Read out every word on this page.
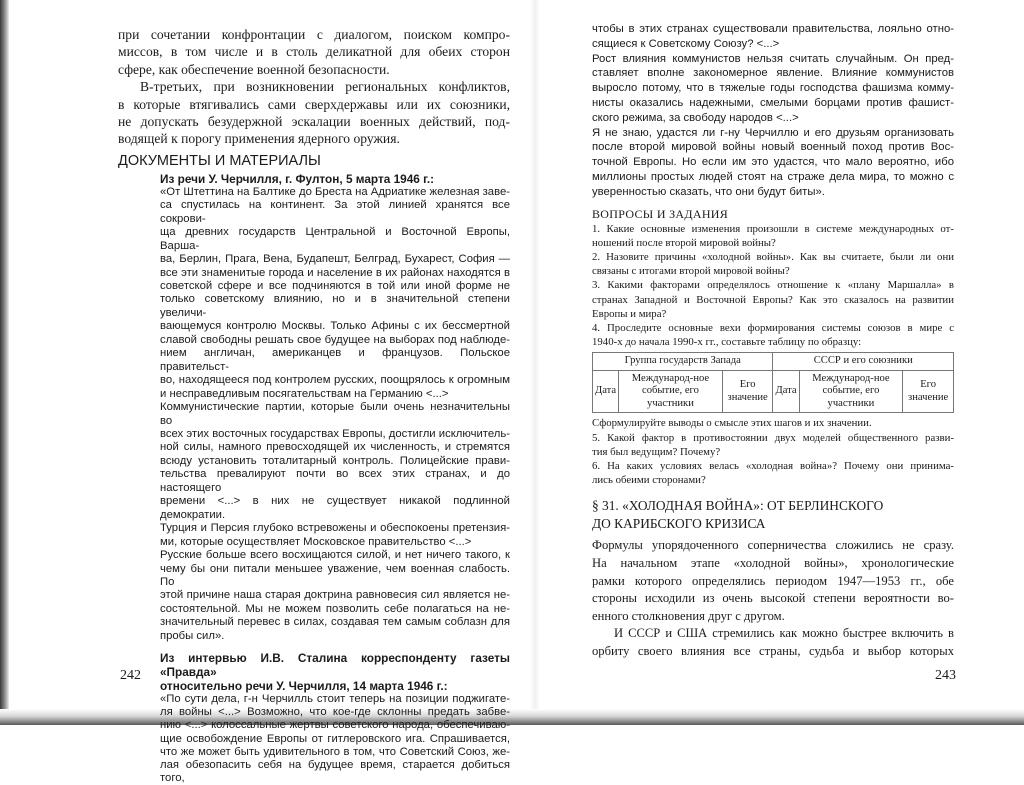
при сочетании конфронтации с диалогом, поиском компро-
миссов, в том числе и в столь деликатной для обеих сторон
сфере, как обеспечение военной безопасности.
В-третьих, при возникновении региональных конфликтов,
в которые втягивались сами сверхдержавы или их союзники,
не допускать безудержной эскалации военных действий, под-
водящей к порогу применения ядерного оружия.
ДОКУМЕНТЫ И МАТЕРИАЛЫ
Из речи У. Черчилля, г. Фултон, 5 марта 1946 г.:
«От Штеттина на Балтике до Бреста на Адриатике железная заве-
са спустилась на континент. За этой линией хранятся все сокрови-
ща древних государств Центральной и Восточной Европы, Варша-
ва, Берлин, Прага, Вена, Будапешт, Белград, Бухарест, София —
все эти знаменитые города и население в их районах находятся в
советской сфере и все подчиняются в той или иной форме не
только советскому влиянию, но и в значительной степени увеличи-
вающемуся контролю Москвы. Только Афины с их бессмертной
славой свободны решать свое будущее на выборах под наблюде-
нием англичан, американцев и французов. Польское правительст-
во, находящееся под контролем русских, поощрялось к огромным
и несправедливым посягательствам на Германию <...>
Коммунистические партии, которые были очень незначительны во
всех этих восточных государствах Европы, достигли исключитель-
ной силы, намного превосходящей их численность, и стремятся
всюду установить тоталитарный контроль. Полицейские прави-
тельства превалируют почти во всех этих странах, и до настоящего
времени <...> в них не существует никакой подлинной демократии.
Турция и Персия глубоко встревожены и обеспокоены претензия-
ми, которые осуществляет Московское правительство <...>
Русские больше всего восхищаются силой, и нет ничего такого, к
чему бы они питали меньшее уважение, чем военная слабость. По
этой причине наша старая доктрина равновесия сил является не-
состоятельной. Мы не можем позволить себе полагаться на не-
значительный перевес в силах, создавая тем самым соблазн для
пробы сил».
Из интервью И.В. Сталина корреспонденту газеты «Правда»
относительно речи У. Черчилля, 14 марта 1946 г.:
«По сути дела, г-н Черчилль стоит теперь на позиции поджигате-
ля войны <...> Возможно, что кое-где склонны предать забве-
нию <...> колоссальные жертвы советского народа, обеспечиваю-
щие освобождение Европы от гитлеровского ига. Спрашивается,
что же может быть удивительного в том, что Советский Союз, же-
лая обезопасить себя на будущее время, старается добиться того,
242
чтобы в этих странах существовали правительства, лояльно отно-
сящиеся к Советскому Союзу? <...>
Рост влияния коммунистов нельзя считать случайным. Он пред-
ставляет вполне закономерное явление. Влияние коммунистов
выросло потому, что в тяжелые годы господства фашизма комму-
нисты оказались надежными, смелыми борцами против фашист-
ского режима, за свободу народов <...>
Я не знаю, удастся ли г-ну Черчиллю и его друзьям организовать
после второй мировой войны новый военный поход против Вос-
точной Европы. Но если им это удастся, что мало вероятно, ибо
миллионы простых людей стоят на страже дела мира, то можно с
уверенностью сказать, что они будут биты».
ВОПРОСЫ И ЗАДАНИЯ
1. Какие основные изменения произошли в системе международных от-
ношений после второй мировой войны?
2. Назовите причины «холодной войны». Как вы считаете, были ли они
связаны с итогами второй мировой войны?
3. Какими факторами определялось отношение к «плану Маршалла» в
странах Западной и Восточной Европы? Как это сказалось на развитии
Европы и мира?
4. Проследите основные вехи формирования системы союзов в мире с
1940-х до начала 1990-х гг., составьте таблицу по образцу:
Группа государств Запада			СССР и его союзники		
Дата	Международ-ное событие, его участники	Его значение	Дата	Международ-ное событие, его участники	Его значение
Сформулируйте выводы о смысле этих шагов и их значении.
5. Какой фактор в противостоянии двух моделей общественного разви-
тия был ведущим? Почему?
6. На каких условиях велась «холодная война»? Почему они принима-
лись обеими сторонами?
§ 31. «ХОЛОДНАЯ ВОЙНА»: ОТ БЕРЛИНСКОГО
ДО КАРИБСКОГО КРИЗИСА
Формулы упорядоченного соперничества сложились не сразу.
На начальном этапе «холодной войны», хронологические
рамки которого определялись периодом 1947—1953 гг., обе
стороны исходили из очень высокой степени вероятности во-
енного столкновения друг с другом.
И СССР и США стремились как можно быстрее включить в
орбиту своего влияния все страны, судьба и выбор которых
243
